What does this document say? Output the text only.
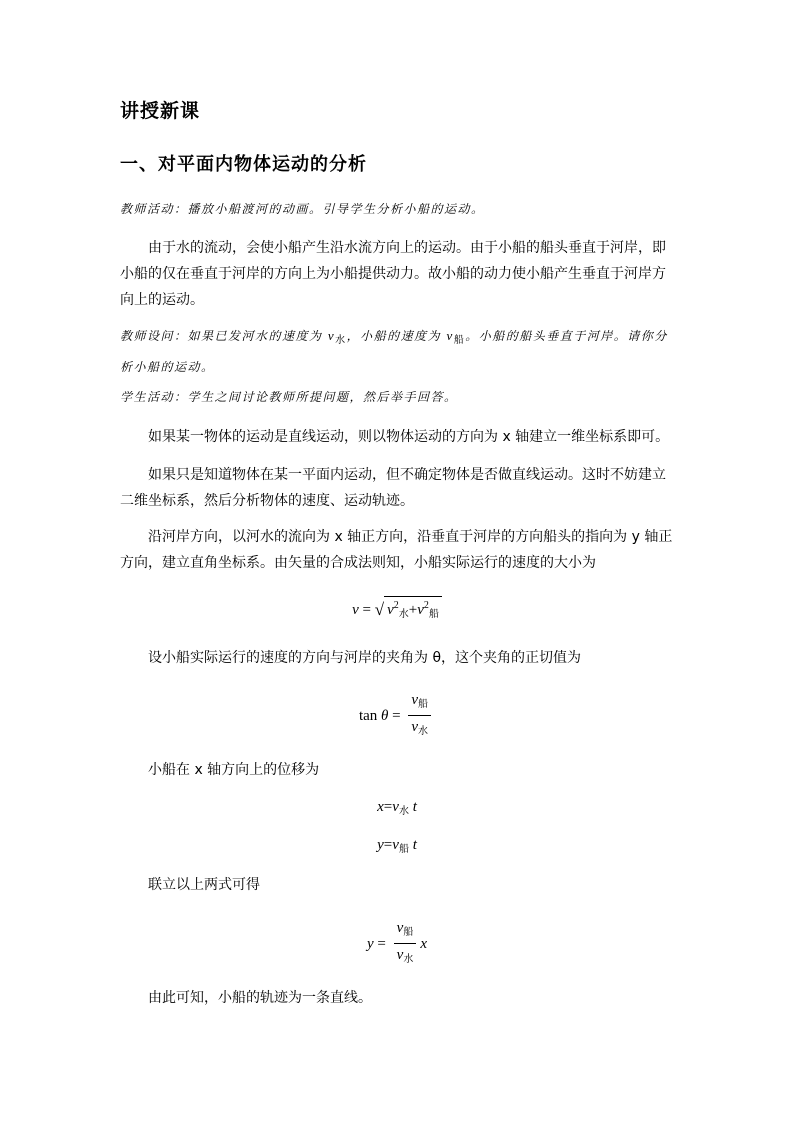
讲授新课
一、对平面内物体运动的分析
教师活动：播放小船渡河的动画。引导学生分析小船的运动。
由于水的流动，会使小船产生沿水流方向上的运动。由于小船的船头垂直于河岸，即小船的仅在垂直于河岸的方向上为小船提供动力。故小船的动力使小船产生垂直于河岸方向上的运动。
教师设问：如果已发河水的速度为 $v_水$，小船的速度为 $v_船$。小船的船头垂直于河岸。请你分析小船的运动。
学生活动：学生之间讨论教师所提问题，然后举手回答。
如果某一物体的运动是直线运动，则以物体运动的方向为 x 轴建立一维坐标系即可。
如果只是知道物体在某一平面内运动，但不确定物体是否做直线运动。这时不妨建立二维坐标系，然后分析物体的速度、运动轨迹。
沿河岸方向，以河水的流向为 x 轴正方向，沿垂直于河岸的方向船头的指向为 y 轴正方向，建立直角坐标系。由矢量的合成法则知，小船实际运行的速度的大小为
v = √ $v^2_水+v^2_船$
设小船实际运行的速度的方向与河岸的夹角为 θ，这个夹角的正切值为
$\tan \theta = \frac{v_船}{v_水}$
小船在 x 轴方向上的位移为
$x=v_水$ t
$y=v_船$ t
联立以上两式可得
$y = \frac{v_船}{v_水}$ x
由此可知，小船的轨迹为一条直线。
